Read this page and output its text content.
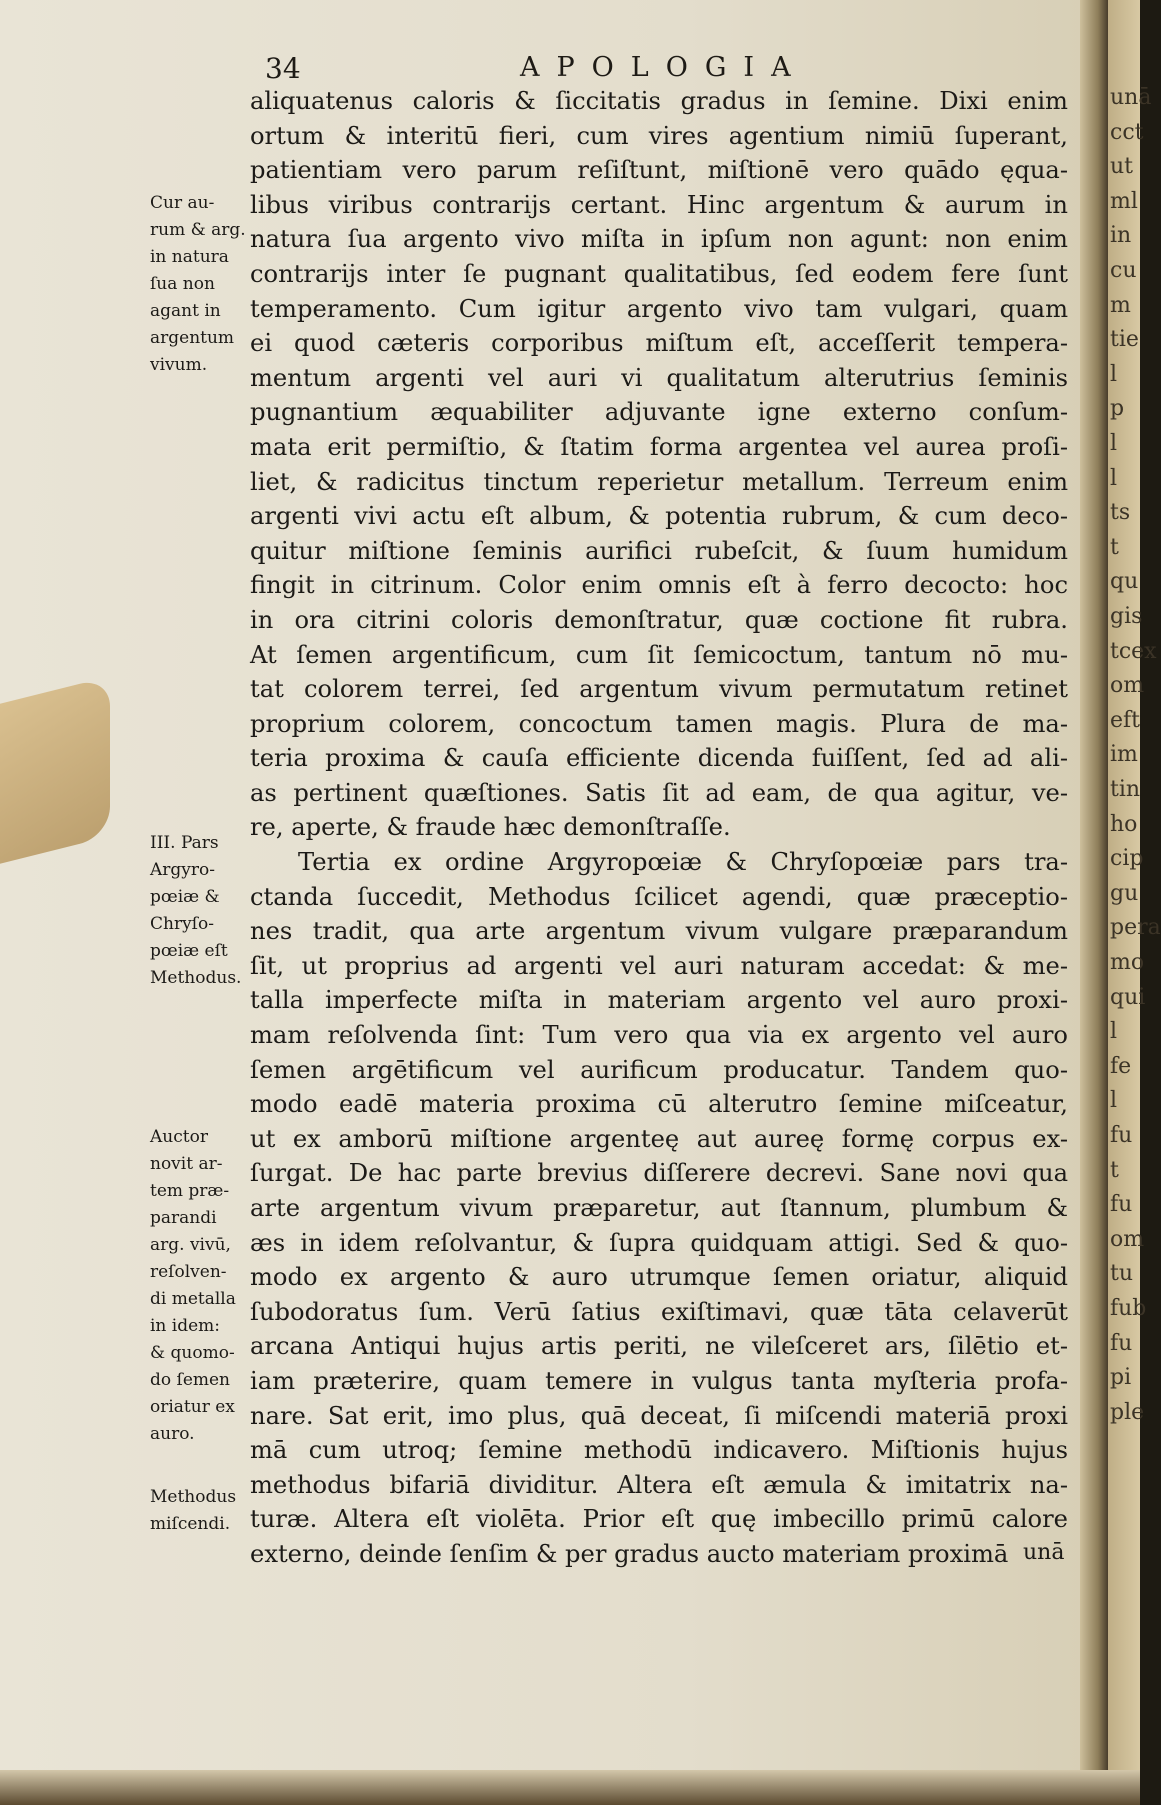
34	APOLOGIA
aliquatenus caloris & ſiccitatis gradus in ſemine. Dixi enim
ortum & interitū fieri, cum vires agentium nimiū ſuperant,
patientiam vero parum reſiſtunt, miſtionē vero quādo ęqua-
libus viribus contrarijs certant. Hinc argentum & aurum in
natura ſua argento vivo miſta in ipſum non agunt: non enim
contrarijs inter ſe pugnant qualitatibus, ſed eodem fere ſunt
temperamento. Cum igitur argento vivo tam vulgari, quam
ei quod cæteris corporibus miſtum eſt, acceſſerit tempera-
mentum argenti vel auri vi qualitatum alterutrius ſeminis
pugnantium æquabiliter adjuvante igne externo conſum-
mata erit permiſtio, & ſtatim forma argentea vel aurea proſi-
liet, & radicitus tinctum reperietur metallum. Terreum enim
argenti vivi actu eſt album, & potentia rubrum, & cum deco-
quitur miſtione ſeminis aurifici rubeſcit, & ſuum humidum
fingit in citrinum. Color enim omnis eſt à ferro decocto: hoc
in ora citrini coloris demonſtratur, quæ coctione fit rubra.
At ſemen argentificum, cum ſit ſemicoctum, tantum nō mu-
tat colorem terrei, ſed argentum vivum permutatum retinet
proprium colorem, concoctum tamen magis. Plura de ma-
teria proxima & cauſa efficiente dicenda fuiſſent, ſed ad ali-
as pertinent quæſtiones. Satis ſit ad eam, de qua agitur, ve-
re, aperte, & fraude hæc demonſtraſſe.
Tertia ex ordine Argyropœiæ & Chryſopœiæ pars tra-
ctanda ſuccedit, Methodus ſcilicet agendi, quæ præceptio-
nes tradit, qua arte argentum vivum vulgare præparandum
ſit, ut proprius ad argenti vel auri naturam accedat: & me-
talla imperfecte miſta in materiam argento vel auro proxi-
mam reſolvenda ſint: Tum vero qua via ex argento vel auro
ſemen argētificum vel aurificum producatur. Tandem quo-
modo eadē materia proxima cū alterutro ſemine miſceatur,
ut ex amborū miſtione argenteę aut aureę formę corpus ex-
ſurgat. De hac parte brevius diſſerere decrevi. Sane novi qua
arte argentum vivum præparetur, aut ſtannum, plumbum &
æs in idem reſolvantur, & ſupra quidquam attigi. Sed & quo-
modo ex argento & auro utrumque ſemen oriatur, aliquid
ſubodoratus ſum. Verū ſatius exiſtimavi, quæ tāta celaverūt
arcana Antiqui hujus artis periti, ne vileſceret ars, ſilētio et-
iam præterire, quam temere in vulgus tanta myſteria profa-
nare. Sat erit, imo plus, quā deceat, ſi miſcendi materiā proxi
mā cum utroq; ſemine methodū indicavero. Miſtionis hujus
methodus bifariā dividitur. Altera eſt æmula & imitatrix na-
turæ. Altera eſt violēta. Prior eſt quę imbecillo primū calore
externo, deinde ſenſim & per gradus aucto materiam proximā unā
Cur au-
rum & arg.
in natura
ſua non
agant in
argentum
vivum.
III. Pars
Argyro-
pœiæ &
Chryſo-
pœiæ eſt
Methodus.
Auctor
novit ar-
tem præ-
parandi
arg. vivū,
reſolven-
di metalla
in idem:
& quomo-
do ſemen
oriatur ex
auro.
Methodus
miſcendi.
unā
cct
ut
ml
in
cu
m
tie
l
p
l
l
ts
t
qu
gis
tcex
om
eft
im
tin
ho
cip
gu
pera
mo
qui
l
fe
l
fu
t
fu
om
tu
fub
fu
pi
ple
